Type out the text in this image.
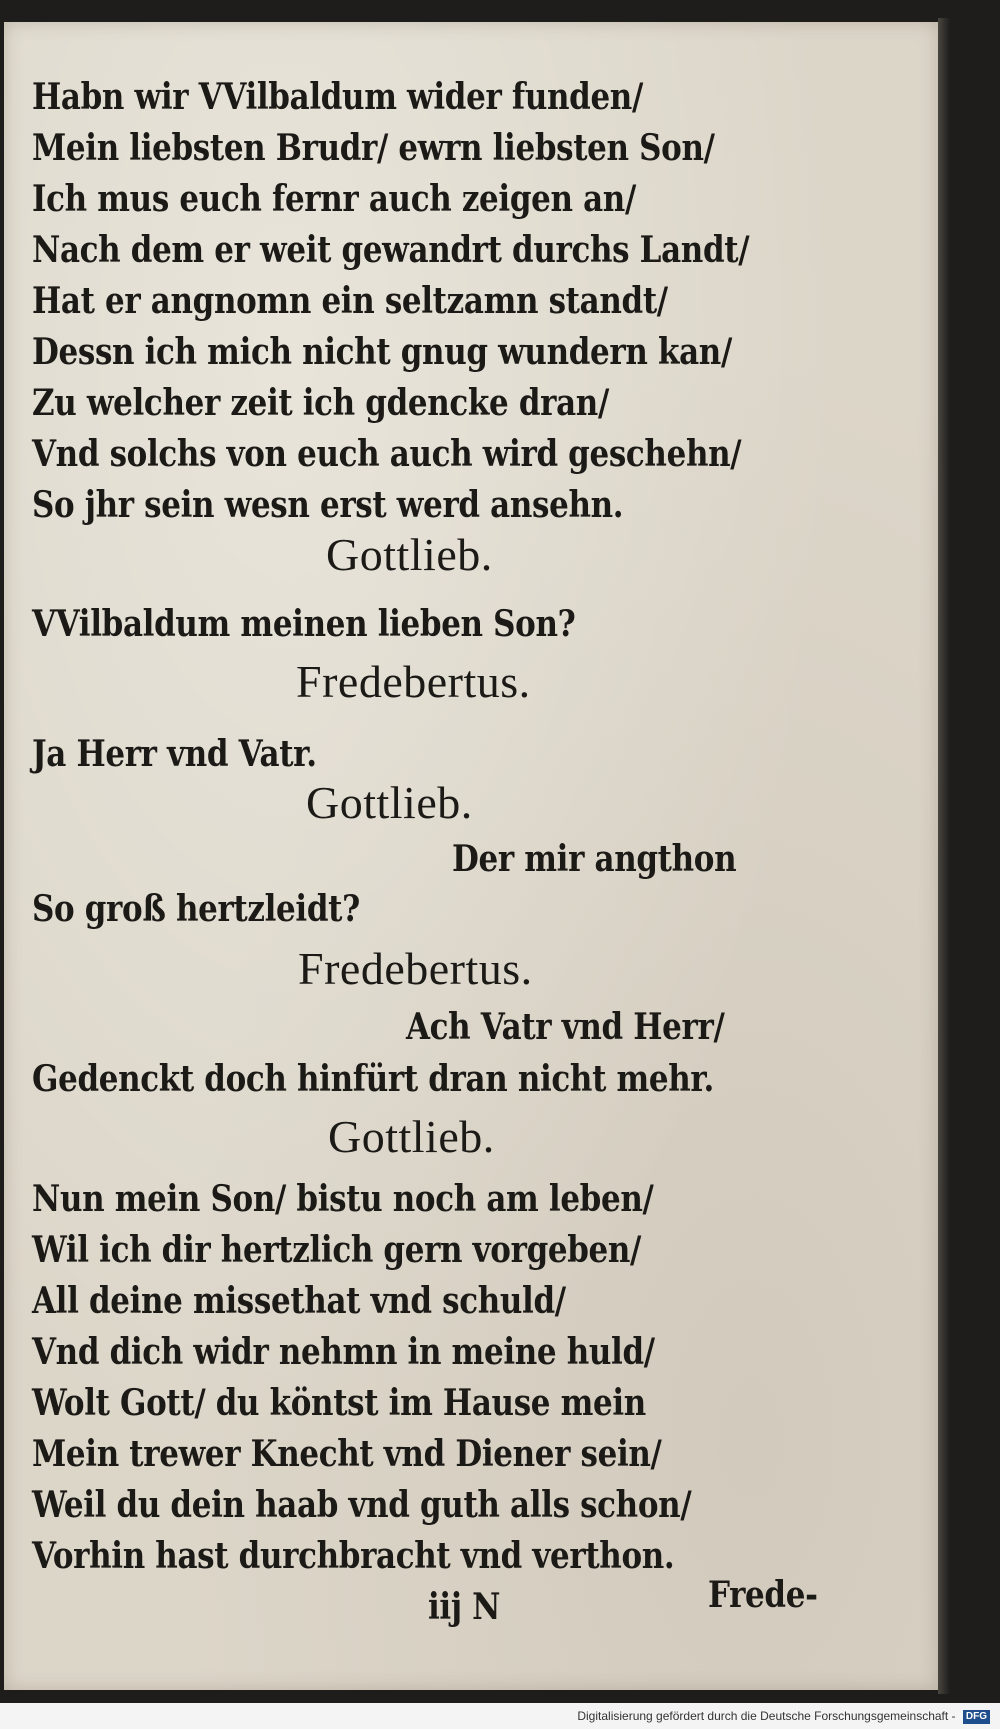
Habn wir VVilbaldum wider funden/
Mein liebsten Brudr/ ewrn liebsten Son/
Ich mus euch fernr auch zeigen an/
Nach dem er weit gewandrt durchs Landt/
Hat er angnomn ein seltzamn standt/
Dessn ich mich nicht gnug wundern kan/
Zu welcher zeit ich gdencke dran/
Vnd solchs von euch auch wird geschehn/
So jhr sein wesn erst werd ansehn.
Gottlieb.
VVilbaldum meinen lieben Son?
Fredebertus.
Ja Herr vnd Vatr.
Gottlieb.
Der mir angthon
So groß hertzleidt?
Fredebertus.
Ach Vatr vnd Herr/
Gedenckt doch hinfürt dran nicht mehr.
Gottlieb.
Nun mein Son/ bistu noch am leben/
Wil ich dir hertzlich gern vorgeben/
All deine missethat vnd schuld/
Vnd dich widr nehmn in meine huld/
Wolt Gott/ du köntst im Hause mein
Mein trewer Knecht vnd Diener sein/
Weil du dein haab vnd guth alls schon/
Vorhin hast durchbracht vnd verthon.
iij N	Frede-
Digitalisierung gefördert durch die Deutsche Forschungsgemeinschaft - DFG
